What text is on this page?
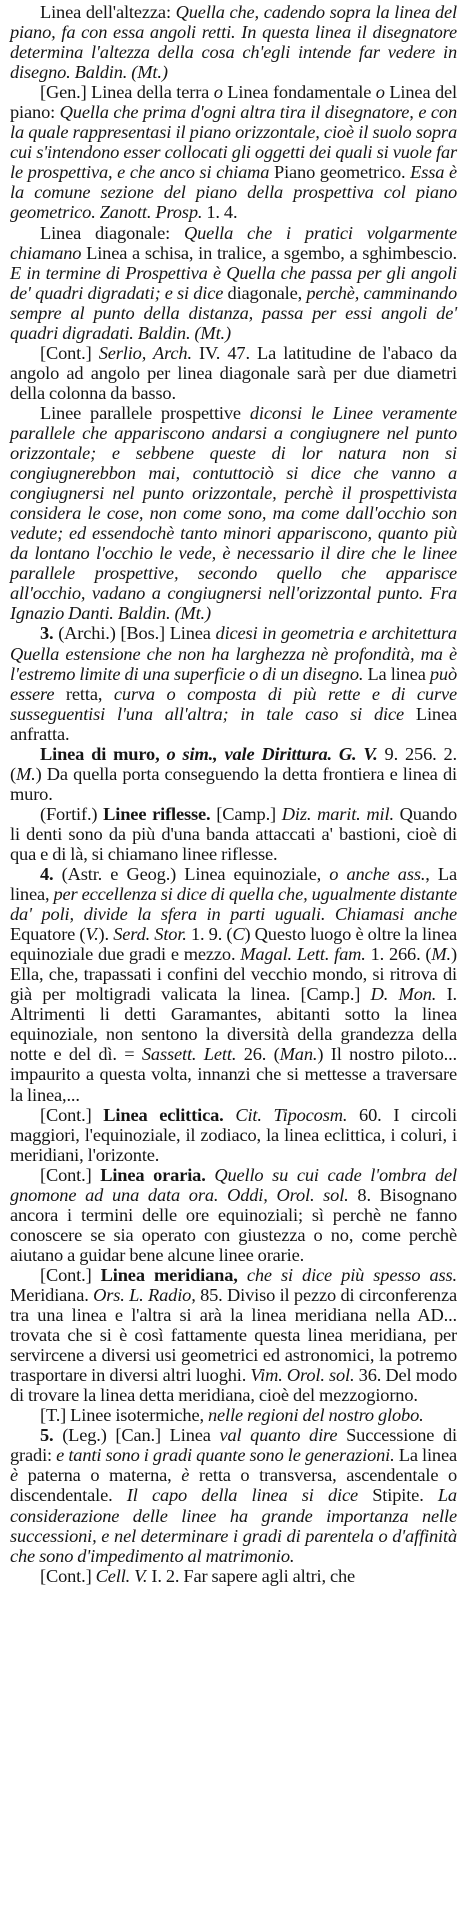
Linea dell'altezza: Quella che, cadendo sopra la linea del piano, fa con essa angoli retti. In questa linea il disegnatore determina l'altezza della cosa ch'egli intende far vedere in disegno. Baldin. (Mt.)

[Gen.] Linea della terra o Linea fondamentale o Linea del piano: Quella che prima d'ogni altra tira il disegnatore, e con la quale rappresentasi il piano orizzontale, cioè il suolo sopra cui s'intendono esser collocati gli oggetti dei quali si vuole far le prospettiva, e che anco si chiama Piano geometrico. Essa è la comune sezione del piano della prospettiva col piano geometrico. Zanott. Prosp. 1. 4.

Linea diagonale: Quella che i pratici volgarmente chiamano Linea a schisa, in tralice, a sgembo, a sghimbescio. E in termine di Prospettiva è Quella che passa per gli angoli de' quadri digradati; e si dice diagonale, perchè, camminando sempre al punto della distanza, passa per essi angoli de' quadri digradati. Baldin. (Mt.)

[Cont.] Serlio, Arch. IV. 47. La latitudine de l'abaco da angolo ad angolo per linea diagonale sarà per due diametri della colonna da basso.

Linee parallele prospettive diconsi le Linee veramente parallele che appariscono andarsi a congiugnere nel punto orizzontale; e sebbene queste di lor natura non si congiugnerebbon mai, contuttociò si dice che vanno a congiugnersi nel punto orizzontale, perchè il prospettivista considera le cose, non come sono, ma come dall'occhio son vedute; ed essendochè tanto minori appariscono, quanto più da lontano l'occhio le vede, è necessario il dire che le linee parallele prospettive, secondo quello che apparisce all'occhio, vadano a congiugnersi nell'orizzontal punto. Fra Ignazio Danti. Baldin. (Mt.)

3. (Archi.) [Bos.] Linea dicesi in geometria e architettura Quella estensione che non ha larghezza nè profondità, ma è l'estremo limite di una superficie o di un disegno. La linea può essere retta, curva o composta di più rette e di curve susseguentisi l'una all'altra; in tale caso si dice Linea anfratta.

Linea di muro, o sim., vale Dirittura. G. V. 9. 256. 2. (M.) Da quella porta conseguendo la detta frontiera e linea di muro.

(Fortif.) Linee riflesse. [Camp.] Diz. marit. mil. Quando li denti sono da più d'una banda attaccati a' bastioni, cioè di qua e di là, si chiamano linee riflesse.

4. (Astr. e Geog.) Linea equinoziale, o anche ass., La linea, per eccellenza si dice di quella che, ugualmente distante da' poli, divide la sfera in parti uguali. Chiamasi anche Equatore (V.). Serd. Stor. 1. 9. (C) Questo luogo è oltre la linea equinoziale due gradi e mezzo. Magal. Lett. fam. 1. 266. (M.) Ella, che, trapassati i confini del vecchio mondo, si ritrova di già per moltigradi valicata la linea. [Camp.] D. Mon. I. Altrimenti li detti Garamantes, abitanti sotto la linea equinoziale, non sentono la diversità della grandezza della notte e del dì. = Sassett. Lett. 26. (Man.) Il nostro piloto... impaurito a questa volta, innanzi che si mettesse a traversare la linea,...

[Cont.] Linea eclittica. Cit. Tipocosm. 60. I circoli maggiori, l'equinoziale, il zodiaco, la linea eclittica, i coluri, i meridiani, l'orizonte.

[Cont.] Linea oraria. Quello su cui cade l'ombra del gnomone ad una data ora. Oddi, Orol. sol. 8. Bisognano ancora i termini delle ore equinoziali; sì perchè ne fanno conoscere se sia operato con giustezza o no, come perchè aiutano a guidar bene alcune linee orarie.

[Cont.] Linea meridiana, che si dice più spesso ass. Meridiana. Ors. L. Radio, 85. Diviso il pezzo di circonferenza tra una linea e l'altra si arà la linea meridiana nella AD... trovata che si è così fattamente questa linea meridiana, per servircene a diversi usi geometrici ed astronomici, la potremo trasportare in diversi altri luoghi. Vim. Orol. sol. 36. Del modo di trovare la linea detta meridiana, cioè del mezzogiorno.

[T.] Linee isotermiche, nelle regioni del nostro globo.

5. (Leg.) [Can.] Linea val quanto dire Successione di gradi: e tanti sono i gradi quante sono le generazioni. La linea è paterna o materna, è retta o transversa, ascendentale o discendentale. Il capo della linea si dice Stipite. La considerazione delle linee ha grande importanza nelle successioni, e nel determinare i gradi di parentela o d'affinità che sono d'impedimento al matrimonio.

[Cont.] Cell. V. I. 2. Far sapere agli altri, che
